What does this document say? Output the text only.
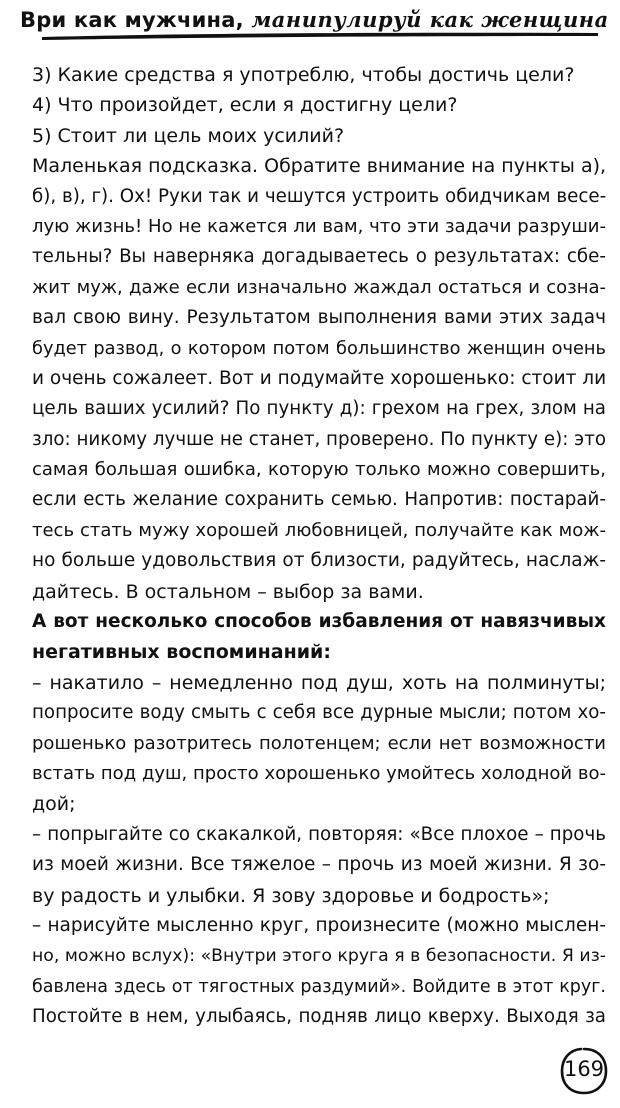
Ври как мужчина, манипулируй как женщина
3) Какие средства я употреблю, чтобы достичь цели?
4) Что произойдет, если я достигну цели?
5) Стоит ли цель моих усилий?
Маленькая подсказка. Обратите внимание на пункты а),
б), в), г). Ох! Руки так и чешутся устроить обидчикам весе-
лую жизнь! Но не кажется ли вам, что эти задачи разруши-
тельны? Вы наверняка догадываетесь о результатах: сбе-
жит муж, даже если изначально жаждал остаться и созна-
вал свою вину. Результатом выполнения вами этих задач
будет развод, о котором потом большинство женщин очень
и очень сожалеет. Вот и подумайте хорошенько: стоит ли
цель ваших усилий? По пункту д): грехом на грех, злом на
зло: никому лучше не станет, проверено. По пункту е): это
самая большая ошибка, которую только можно совершить,
если есть желание сохранить семью. Напротив: постарай-
тесь стать мужу хорошей любовницей, получайте как мож-
но больше удовольствия от близости, радуйтесь, наслаж-
дайтесь. В остальном – выбор за вами.
А вот несколько способов избавления от навязчивых
негативных воспоминаний:
– накатило – немедленно под душ, хоть на полминуты;
попросите воду смыть с себя все дурные мысли; потом хо-
рошенько разотритесь полотенцем; если нет возможности
встать под душ, просто хорошенько умойтесь холодной во-
дой;
– попрыгайте со скакалкой, повторяя: «Все плохое – прочь
из моей жизни. Все тяжелое – прочь из моей жизни. Я зо-
ву радость и улыбки. Я зову здоровье и бодрость»;
– нарисуйте мысленно круг, произнесите (можно мыслен-
но, можно вслух): «Внутри этого круга я в безопасности. Я из-
бавлена здесь от тягостных раздумий». Войдите в этот круг.
Постойте в нем, улыбаясь, подняв лицо кверху. Выходя за
169
